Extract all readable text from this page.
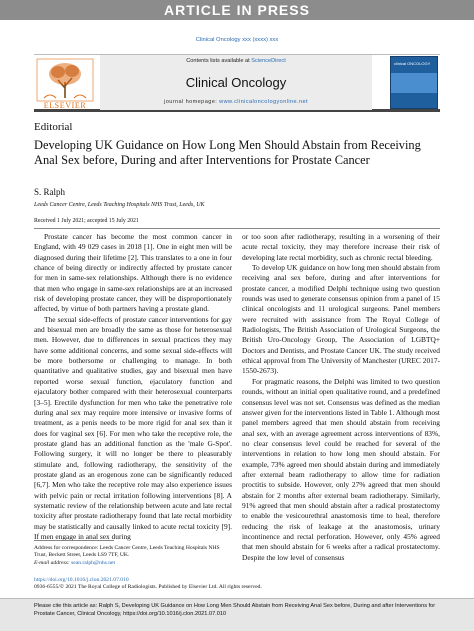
ARTICLE IN PRESS
Clinical Oncology xxx (xxxx) xxx
ELSEVIER
Contents lists available at ScienceDirect
Clinical Oncology
journal homepage: www.clinicaloncologyonline.net
clinical ONCOLOGY
Editorial
Developing UK Guidance on How Long Men Should Abstain from Receiving Anal Sex before, During and after Interventions for Prostate Cancer
S. Ralph
Leeds Cancer Centre, Leeds Teaching Hospitals NHS Trust, Leeds, UK
Received 1 July 2021; accepted 15 July 2021

Prostate cancer has become the most common cancer in England, with 49 029 cases in 2018 [1]. One in eight men will be diagnosed during their lifetime [2]. This translates to a one in four chance of being directly or indirectly affected by prostate cancer for men in same-sex relationships. Although there is no evidence that men who engage in same-sex relationships are at an increased risk of developing prostate cancer, they will be disproportionately affected, by virtue of both partners having a prostate gland.

The sexual side-effects of prostate cancer interventions for gay and bisexual men are broadly the same as those for heterosexual men. However, due to differences in sexual practices they may have some additional concerns, and some sexual side-effects will be more bothersome or challenging to manage. In both quantitative and qualitative studies, gay and bisexual men have reported worse sexual function, ejaculatory function and ejaculatory bother compared with their heterosexual counterparts [3–5]. Erectile dysfunction for men who take the penetrative role during anal sex may require more intensive or invasive forms of treatment, as a penis needs to be more rigid for anal sex than it does for vaginal sex [6]. For men who take the receptive role, the prostate gland has an additional function as the 'male G-Spot'. Following surgery, it will no longer be there to pleasurably stimulate and, following radiotherapy, the sensitivity of the prostate gland as an erogenous zone can be significantly reduced [6,7]. Men who take the receptive role may also experience issues with pelvic pain or rectal irritation following interventions [8]. A systematic review of the relationship between acute and late rectal toxicity after prostate radiotherapy found that late rectal morbidity may be statistically and causally linked to acute rectal toxicity [9]. If men engage in anal sex during

or too soon after radiotherapy, resulting in a worsening of their acute rectal toxicity, they may therefore increase their risk of developing late rectal morbidity, such as chronic rectal bleeding.

To develop UK guidance on how long men should abstain from receiving anal sex before, during and after interventions for prostate cancer, a modified Delphi technique using two question rounds was used to generate consensus opinion from a panel of 15 clinical oncologists and 11 urological surgeons. Panel members were recruited with assistance from The Royal College of Radiologists, The British Association of Urological Surgeons, the British Uro-Oncology Group, The Association of LGBTQ+ Doctors and Dentists, and Prostate Cancer UK. The study received ethical approval from The University of Manchester (UREC 2017-1550-2673).

For pragmatic reasons, the Delphi was limited to two question rounds, without an initial open qualitative round, and a predefined consensus level was not set. Consensus was defined as the median answer given for the interventions listed in Table 1. Although most panel members agreed that men should abstain from receiving anal sex, with an average agreement across interventions of 83%, no clear consensus level could be reached for several of the interventions in relation to how long men should abstain. For example, 73% agreed men should abstain during and immediately after external beam radiotherapy to allow time for radiation proctitis to subside. However, only 27% agreed that men should abstain for 2 months after external beam radiotherapy. Similarly, 91% agreed that men should abstain after a radical prostatectomy to enable the vesicourethral anastomosis time to heal, therefore reducing the risk of leakage at the anastomosis, urinary incontinence and rectal perforation. However, only 45% agreed that men should abstain for 6 weeks after a radical prostatectomy. Despite the low level of consensus

Address for correspondence: Leeds Cancer Centre, Leeds Teaching Hospitals NHS Trust, Beckett Street, Leeds LS9 7TF, UK.
E-mail address: sean.ralph@nhs.net
https://doi.org/10.1016/j.clon.2021.07.010
0936-6555/© 2021 The Royal College of Radiologists. Published by Elsevier Ltd. All rights reserved.
Please cite this article as: Ralph S, Developing UK Guidance on How Long Men Should Abstain from Receiving Anal Sex before, During and after Interventions for Prostate Cancer, Clinical Oncology, https://doi.org/10.1016/j.clon.2021.07.010
